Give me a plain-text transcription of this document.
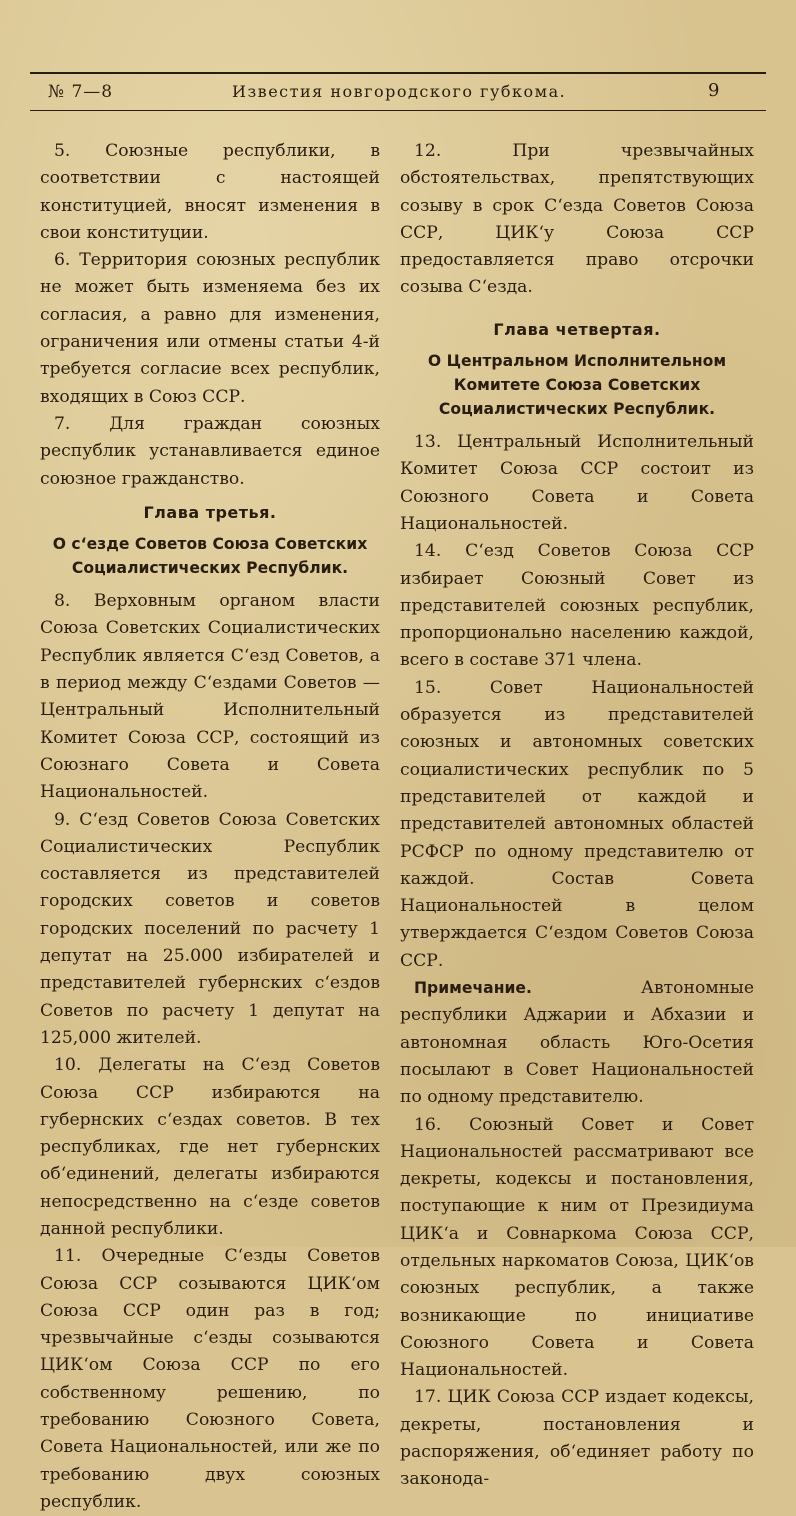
№ 7—8	Известия новгородского губкома.	9

5. Союзные республики, в соответствии с настоящей конституцией, вносят изменения в свои конституции.

6. Территория союзных республик не может быть изменяема без их согласия, а равно для изменения, ограничения или отмены статьи 4-й требуется согласие всех республик, входящих в Союз ССР.

7. Для граждан союзных республик устанавливается единое союзное гражданство.

Глава третья.
О с‘езде Советов Союза Советских Социалистических Республик.

8. Верховным органом власти Союза Советских Социалистических Республик является С‘езд Советов, а в период между С‘ездами Советов — Центральный Исполнительный Комитет Союза ССР, состоящий из Союзнаго Совета и Совета Национальностей.

9. С‘езд Советов Союза Советских Социалистических Республик составляется из представителей городских советов и советов городских поселений по расчету 1 депутат на 25.000 избирателей и представителей губернских с‘ездов Советов по расчету 1 депутат на 125,000 жителей.

10. Делегаты на С‘езд Советов Союза ССР избираются на губернских с‘ездах советов. В тех республиках, где нет губернских об‘единений, делегаты избираются непосредственно на с‘езде советов данной республики.

11. Очередные С‘езды Советов Союза ССР созываются ЦИК‘ом Союза ССР один раз в год; чрезвычайные с‘езды созываются ЦИК‘ом Союза ССР по его собственному решению, по требованию Союзного Совета, Совета Национальностей, или же по требованию двух союзных республик.

12. При чрезвычайных обстоятельствах, препятствующих созыву в срок С‘езда Советов Союза ССР, ЦИК‘у Союза ССР предоставляется право отсрочки созыва С‘езда.

Глава четвертая.
О Центральном Исполнительном Комитете Союза Советских Социалистических Республик.

13. Центральный Исполнительный Комитет Союза ССР состоит из Союзного Совета и Совета Национальностей.

14. С‘езд Советов Союза ССР избирает Союзный Совет из представителей союзных республик, пропорционально населению каждой, всего в составе 371 члена.

15. Совет Национальностей образуется из представителей союзных и автономных советских социалистических республик по 5 представителей от каждой и представителей автономных областей РСФСР по одному представителю от каждой. Состав Совета Национальностей в целом утверждается С‘ездом Советов Союза ССР.

Примечание. Автономные республики Аджарии и Абхазии и автономная область Юго-Осетия посылают в Совет Национальностей по одному представителю.

16. Союзный Совет и Совет Национальностей рассматривают все декреты, кодексы и постановления, поступающие к ним от Президиума ЦИК‘а и Совнаркома Союза ССР, отдельных наркоматов Союза, ЦИК‘ов союзных республик, а также возникающие по инициативе Союзного Совета и Совета Национальностей.

17. ЦИК Союза ССР издает кодексы, декреты, постановления и распоряжения, об‘единяет работу по законода-
